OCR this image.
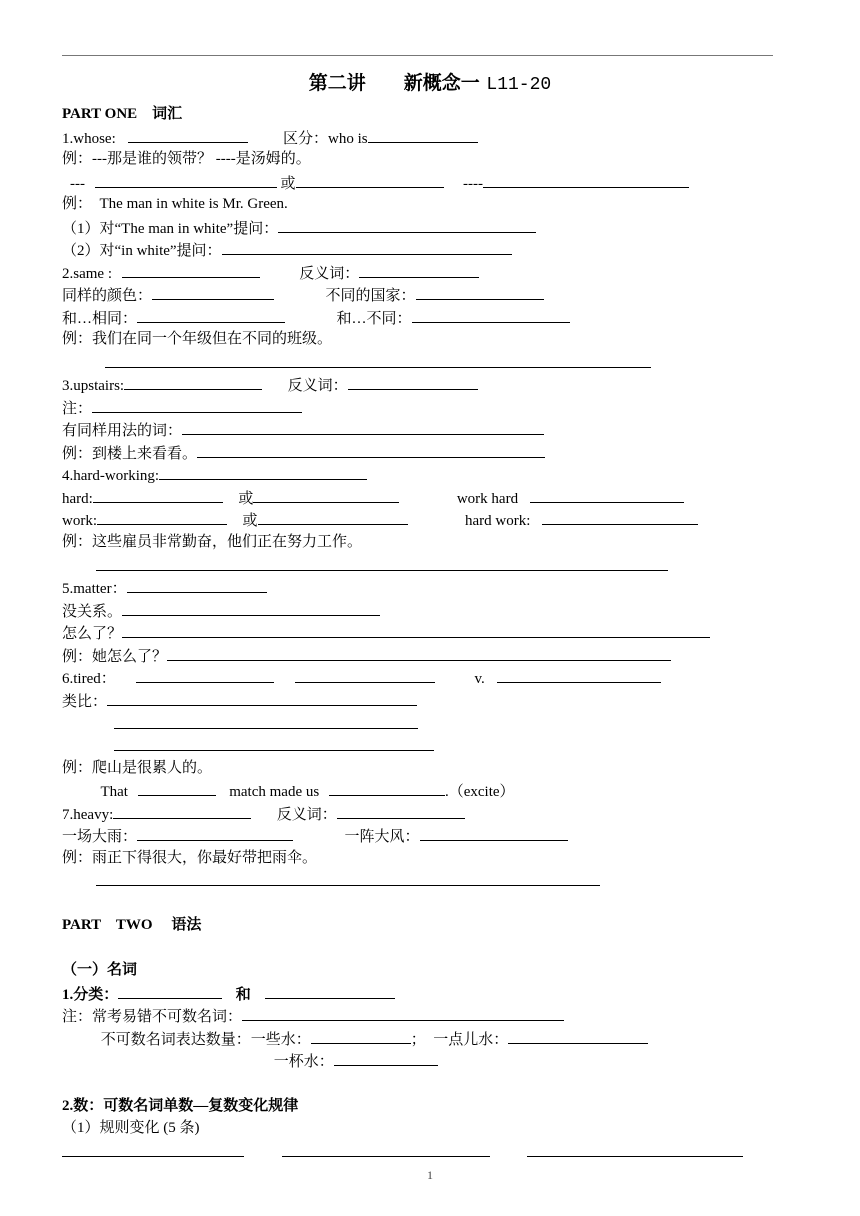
第二讲　　新概念一 L11-20
PART ONE　词汇
1.whose:	区分：who is
例：---那是谁的领带？ ----是汤姆的。
---	或	----
例：　The man in white is Mr. Green.
（1）对“The man in white”提问：
（2）对“in white”提问：
2.same :	反义词：
同样的颜色：	不同的国家：
和…相同：	和…不同：
例：我们在同一个年级但在不同的班级。
3.upstairs:	反义词：
注：
有同样用法的词：
例：到楼上来看看。
4.hard-working:
hard:	或	work hard
work:	或	hard work:
例：这些雇员非常勤奋，他们正在努力工作。
5.matter：
没关系。
怎么了？
例：她怎么了？
6.tired：	v.
类比：
例：爬山是很累人的。
That	match made us	.（excite）
7.heavy:	反义词：
一场大雨：	一阵大风：
例：雨正下得很大，你最好带把雨伞。
PART　TWO　 语法
（一）名词
1.分类：	和
注：常考易错不可数名词：
不可数名词表达数量：一些水：	；　一点儿水：
一杯水：
2.数：可数名词单数—复数变化规律
（1）规则变化 (5 条)

1
